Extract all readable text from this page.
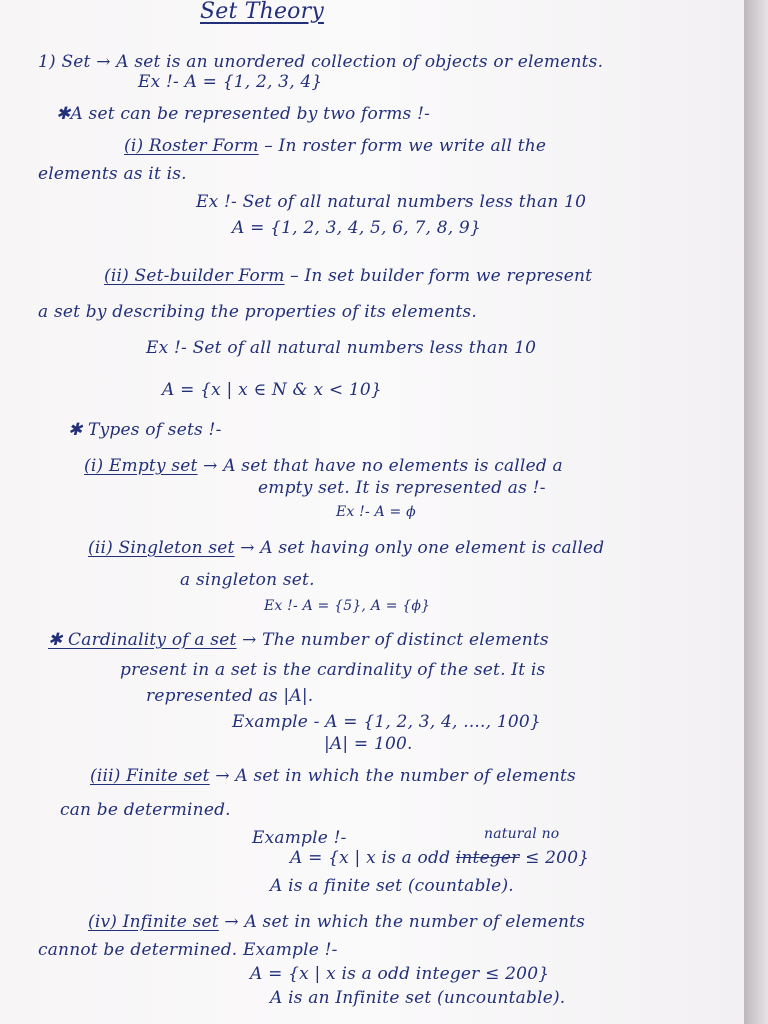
Set Theory
1) Set → A set is an unordered collection of objects or elements.
Ex !- A = {1, 2, 3, 4}
✱A set can be represented by two forms !-
(i) Roster Form – In roster form we write all the
elements as it is.
Ex !- Set of all natural numbers less than 10
A = {1, 2, 3, 4, 5, 6, 7, 8, 9}
(ii) Set-builder Form – In set builder form we represent
a set by describing the properties of its elements.
Ex !- Set of all natural numbers less than 10
A = {x | x ∈ N & x < 10}
✱ Types of sets !-
(i) Empty set → A set that have no elements is called a
empty set. It is represented as !-
Ex !- A = ϕ
(ii) Singleton set → A set having only one element is called
a singleton set.
Ex !- A = {5}, A = {ϕ}
✱ Cardinality of a set → The number of distinct elements
present in a set is the cardinality of the set. It is
represented as |A|.
Example - A = {1, 2, 3, 4, ...., 100}
|A| = 100.
(iii) Finite set → A set in which the number of elements
can be determined.
Example !-	natural no
A = {x | x is a odd integer ≤ 200}
A is a finite set (countable).
(iv) Infinite set → A set in which the number of elements
cannot be determined. Example !-
A = {x | x is a odd integer ≤ 200}
A is an Infinite set (uncountable).
